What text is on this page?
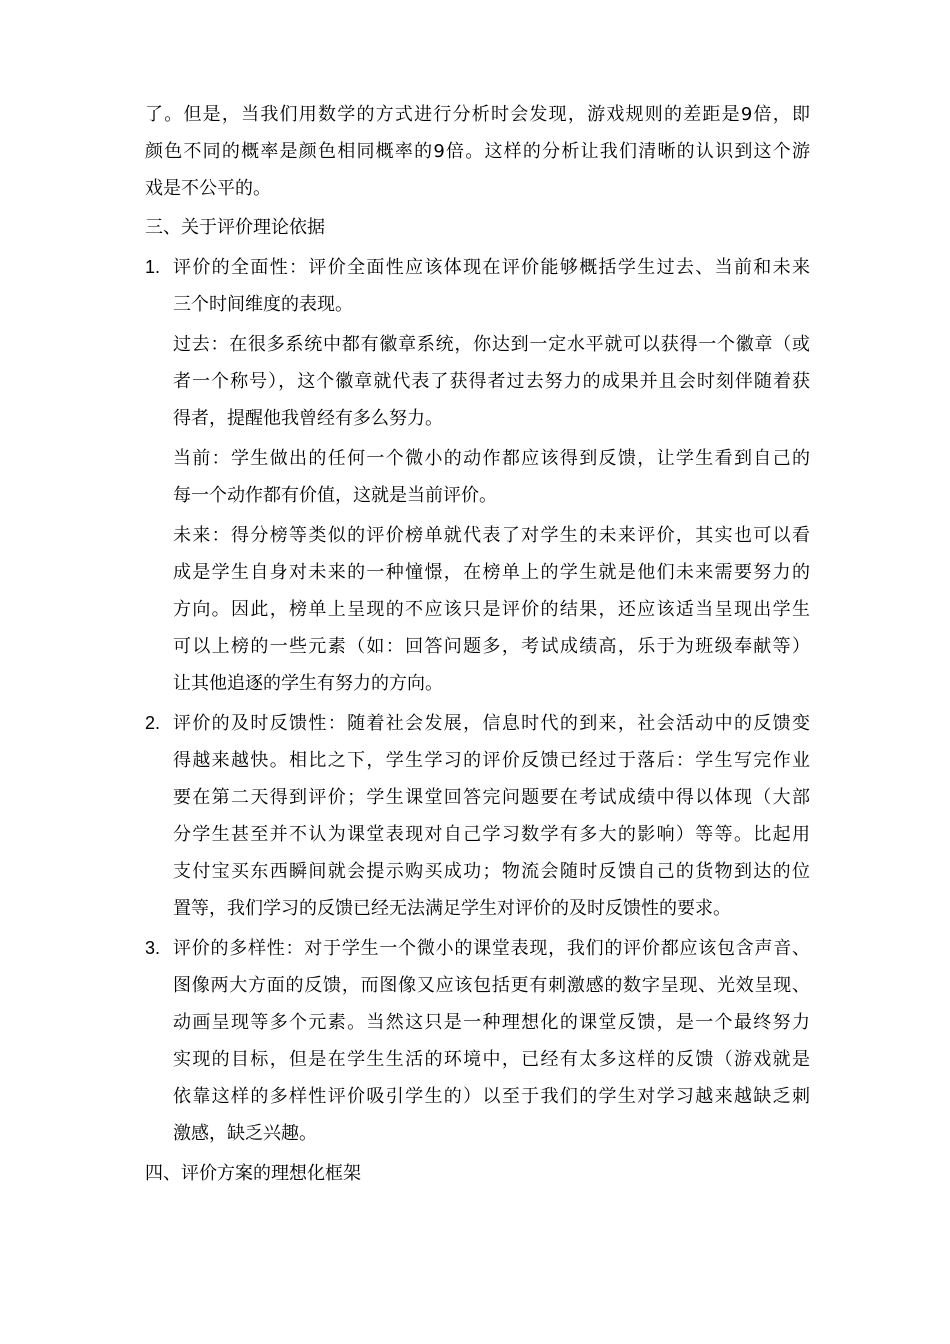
了。但是，当我们用数学的方式进行分析时会发现，游戏规则的差距是9倍，即
颜色不同的概率是颜色相同概率的9倍。这样的分析让我们清晰的认识到这个游
戏是不公平的。
三、关于评价理论依据
1. 评价的全面性：评价全面性应该体现在评价能够概括学生过去、当前和未来
三个时间维度的表现。
过去：在很多系统中都有徽章系统，你达到一定水平就可以获得一个徽章（或
者一个称号），这个徽章就代表了获得者过去努力的成果并且会时刻伴随着获
得者，提醒他我曾经有多么努力。
当前：学生做出的任何一个微小的动作都应该得到反馈，让学生看到自己的
每一个动作都有价值，这就是当前评价。
未来：得分榜等类似的评价榜单就代表了对学生的未来评价，其实也可以看
成是学生自身对未来的一种憧憬，在榜单上的学生就是他们未来需要努力的
方向。因此，榜单上呈现的不应该只是评价的结果，还应该适当呈现出学生
可以上榜的一些元素（如：回答问题多，考试成绩高，乐于为班级奉献等）
让其他追逐的学生有努力的方向。
2. 评价的及时反馈性：随着社会发展，信息时代的到来，社会活动中的反馈变
得越来越快。相比之下，学生学习的评价反馈已经过于落后：学生写完作业
要在第二天得到评价；学生课堂回答完问题要在考试成绩中得以体现（大部
分学生甚至并不认为课堂表现对自己学习数学有多大的影响）等等。比起用
支付宝买东西瞬间就会提示购买成功；物流会随时反馈自己的货物到达的位
置等，我们学习的反馈已经无法满足学生对评价的及时反馈性的要求。
3. 评价的多样性：对于学生一个微小的课堂表现，我们的评价都应该包含声音、
图像两大方面的反馈，而图像又应该包括更有刺激感的数字呈现、光效呈现、
动画呈现等多个元素。当然这只是一种理想化的课堂反馈，是一个最终努力
实现的目标，但是在学生生活的环境中，已经有太多这样的反馈（游戏就是
依靠这样的多样性评价吸引学生的）以至于我们的学生对学习越来越缺乏刺
激感，缺乏兴趣。
四、评价方案的理想化框架
